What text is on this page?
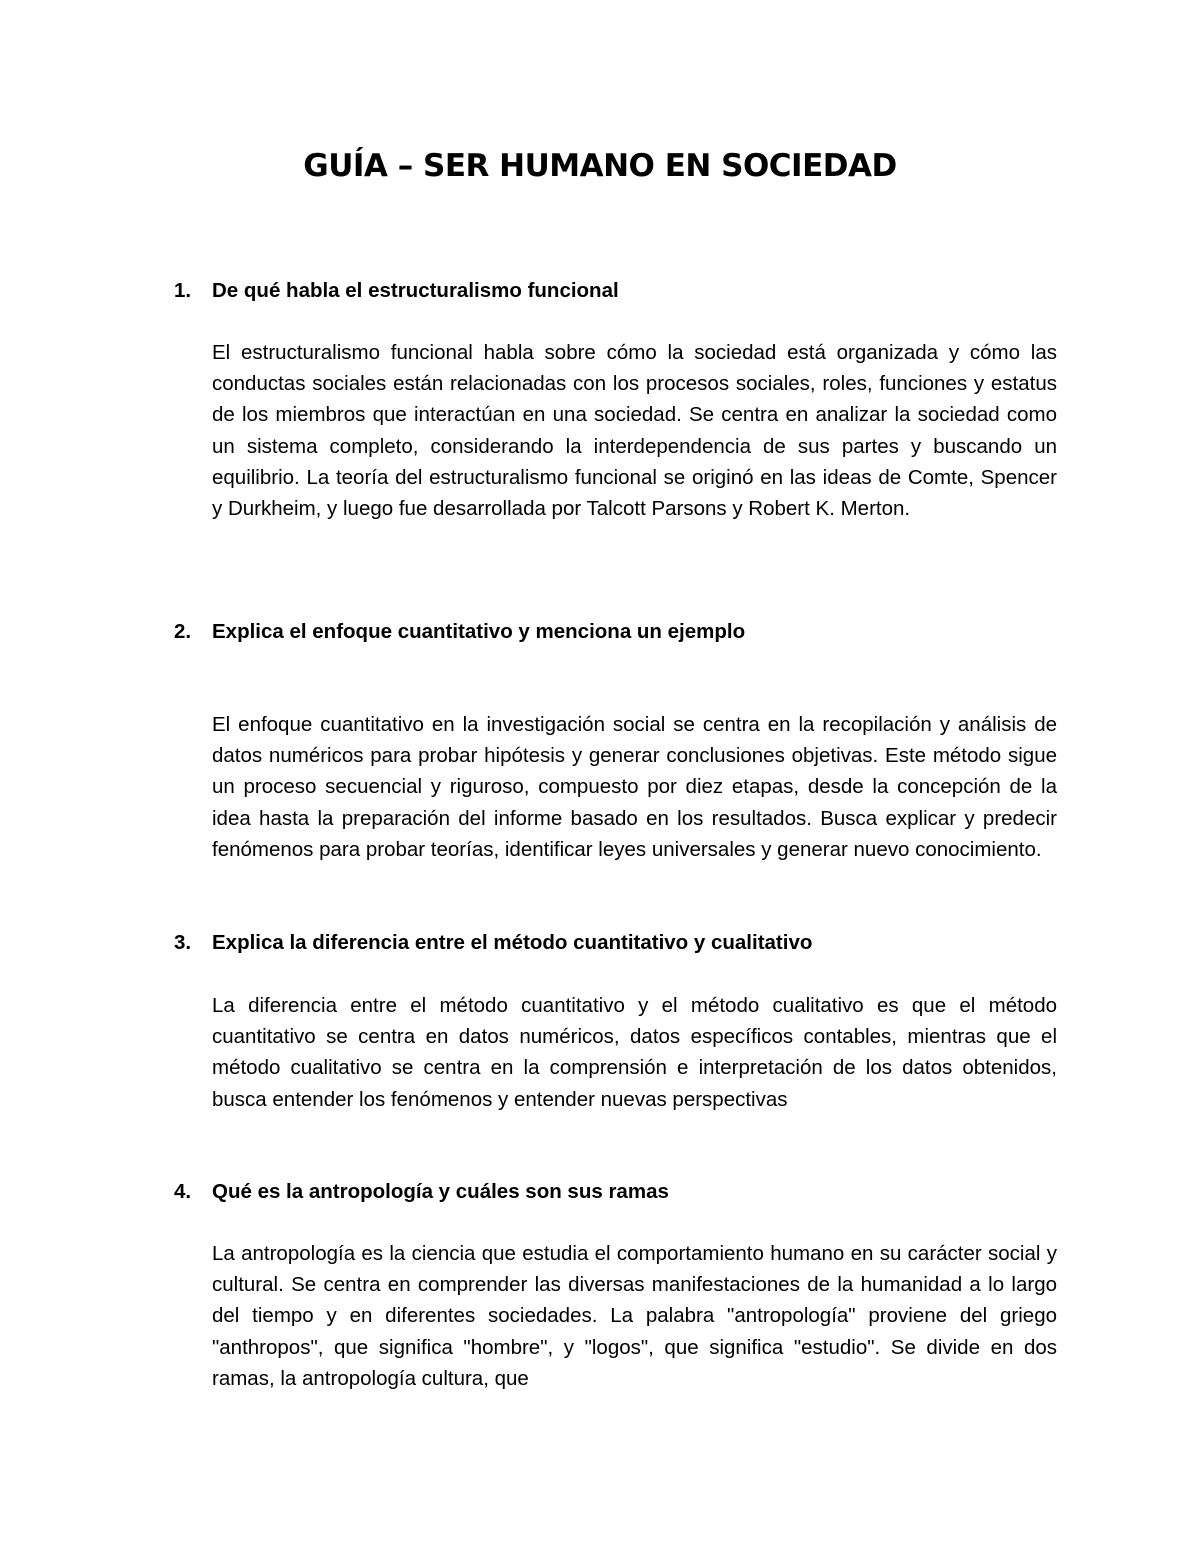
GUÍA – SER HUMANO EN SOCIEDAD
1. De qué habla el estructuralismo funcional

El estructuralismo funcional habla sobre cómo la sociedad está organizada y cómo las conductas sociales están relacionadas con los procesos sociales, roles, funciones y estatus de los miembros que interactúan en una sociedad. Se centra en analizar la sociedad como un sistema completo, considerando la interdependencia de sus partes y buscando un equilibrio. La teoría del estructuralismo funcional se originó en las ideas de Comte, Spencer y Durkheim, y luego fue desarrollada por Talcott Parsons y Robert K. Merton.

2. Explica el enfoque cuantitativo y menciona un ejemplo

El enfoque cuantitativo en la investigación social se centra en la recopilación y análisis de datos numéricos para probar hipótesis y generar conclusiones objetivas. Este método sigue un proceso secuencial y riguroso, compuesto por diez etapas, desde la concepción de la idea hasta la preparación del informe basado en los resultados. Busca explicar y predecir fenómenos para probar teorías, identificar leyes universales y generar nuevo conocimiento.

3. Explica la diferencia entre el método cuantitativo y cualitativo

La diferencia entre el método cuantitativo y el método cualitativo es que el método cuantitativo se centra en datos numéricos, datos específicos contables, mientras que el método cualitativo se centra en la comprensión e interpretación de los datos obtenidos, busca entender los fenómenos y entender nuevas perspectivas

4. Qué es la antropología y cuáles son sus ramas

La antropología es la ciencia que estudia el comportamiento humano en su carácter social y cultural. Se centra en comprender las diversas manifestaciones de la humanidad a lo largo del tiempo y en diferentes sociedades. La palabra "antropología" proviene del griego "anthropos", que significa "hombre", y "logos", que significa "estudio". Se divide en dos ramas, la antropología cultura, que
